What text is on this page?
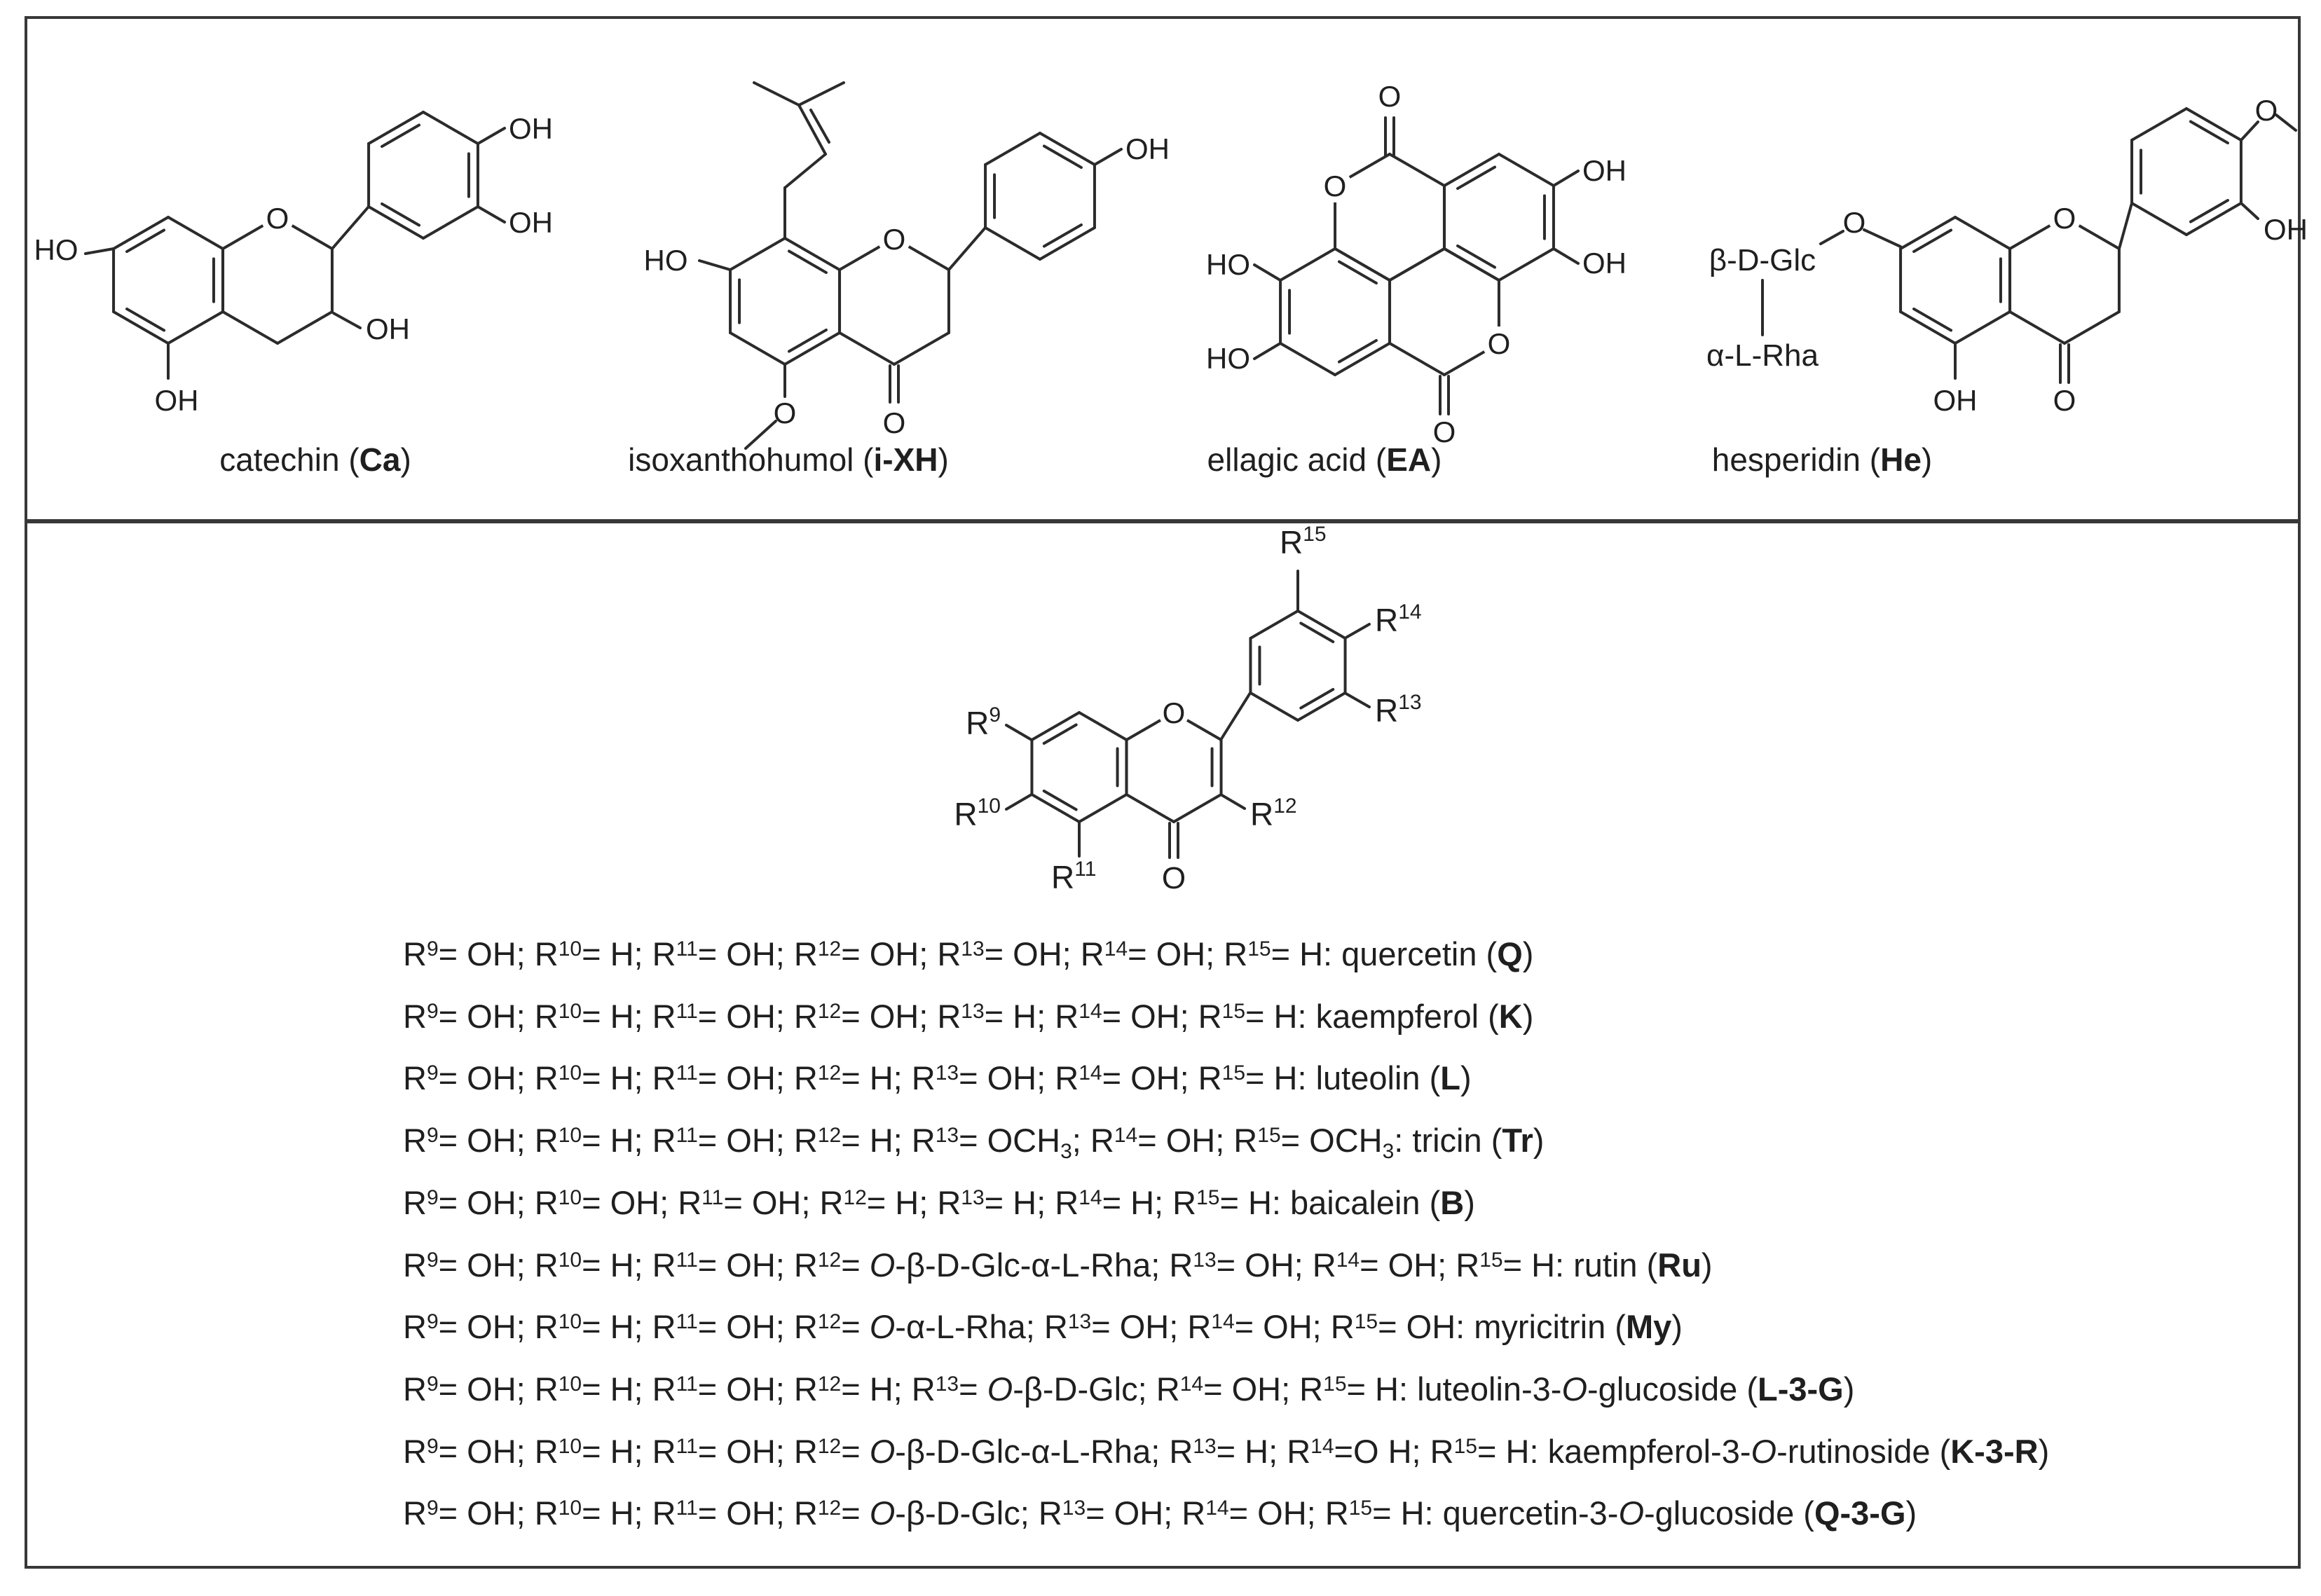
HO
O
OH
OH
OH
OH
catechin (Ca)
HO
O
O	O
OH
isoxanthohumol (i-XH)
O
O
OH
OH
HO
HO	O
O
ellagic acid (EA)
O
β-D-Glc
α-L-Rha
O
OH	O
O
OH
hesperidin (He)
O
O
$R^9$
$R^{10}$
$R^{11}$
$R^{12}$
$R^{13}$
$R^{14}$
$R^{15}$
$R^9=$ OH; $R^{10}= H$; $R^{11}=$ OH; $R^{12}=$ OH; $R^{13}=$ OH; $R^{14}=$ OH; $R^{15}= H$: quercetin (Q)
$R^9=$ OH; $R^{10}= H$; $R^{11}=$ OH; $R^{12}=$ OH; $R^{13}= H$; $R^{14}=$ OH; $R^{15}= H$: kaempferol (K)
$R^9=$ OH; $R^{10}= H$; $R^{11}=$ OH; $R^{12}= H$; $R^{13}=$ OH; $R^{14}=$ OH; $R^{15}= H$: luteolin (L)
$R^9=$ OH; $R^{10}= H$; $R^{11}=$ OH; $R^{12}= H$; $R^{13}= OCH_3$; $R^{14}=$ OH; $R^{15}= OCH_3$: tricin (Tr)
$R^9=$ OH; $R^{10}=$ OH; $R^{11}=$ OH; $R^{12}= H$; $R^{13}= H$; $R^{14}= H$; $R^{15}= H$: baicalein (B)
$R^9=$ OH; $R^{10}= H$; $R^{11}=$ OH; $R^{12}= O-\beta-D-Glc-\alpha-L-Rha$; $R^{13}=$ OH; $R^{14}=$ OH; $R^{15}= H$: rutin (Ru)
$R^9=$ OH; $R^{10}= H$; $R^{11}=$ OH; $R^{12}= O-\alpha-L-Rha$; $R^{13}=$ OH; $R^{14}=$ OH; $R^{15}=$ OH: myricitrin (My)
$R^9=$ OH; $R^{10}= H$; $R^{11}=$ OH; $R^{12}= H$; $R^{13}= O-\beta-D-Glc$; $R^{14}=$ OH; $R^{15}= H$: luteolin-3-O-glucoside (L-3-G)
$R^9=$ OH; $R^{10}= H$; $R^{11}=$ OH; $R^{12}= O-\beta-D-Glc-\alpha-L-Rha$; $R^{13}= H$; $R^{14}=O$ H; $R^{15}= H$: kaempferol-3-O-rutinoside (K-3-R)
$R^9=$ OH; $R^{10}= H$; $R^{11}=$ OH; $R^{12}= O-\beta-D-Glc$; $R^{13}=$ OH; $R^{14}=$ OH; $R^{15}= H$: quercetin-3-O-glucoside (Q-3-G)
